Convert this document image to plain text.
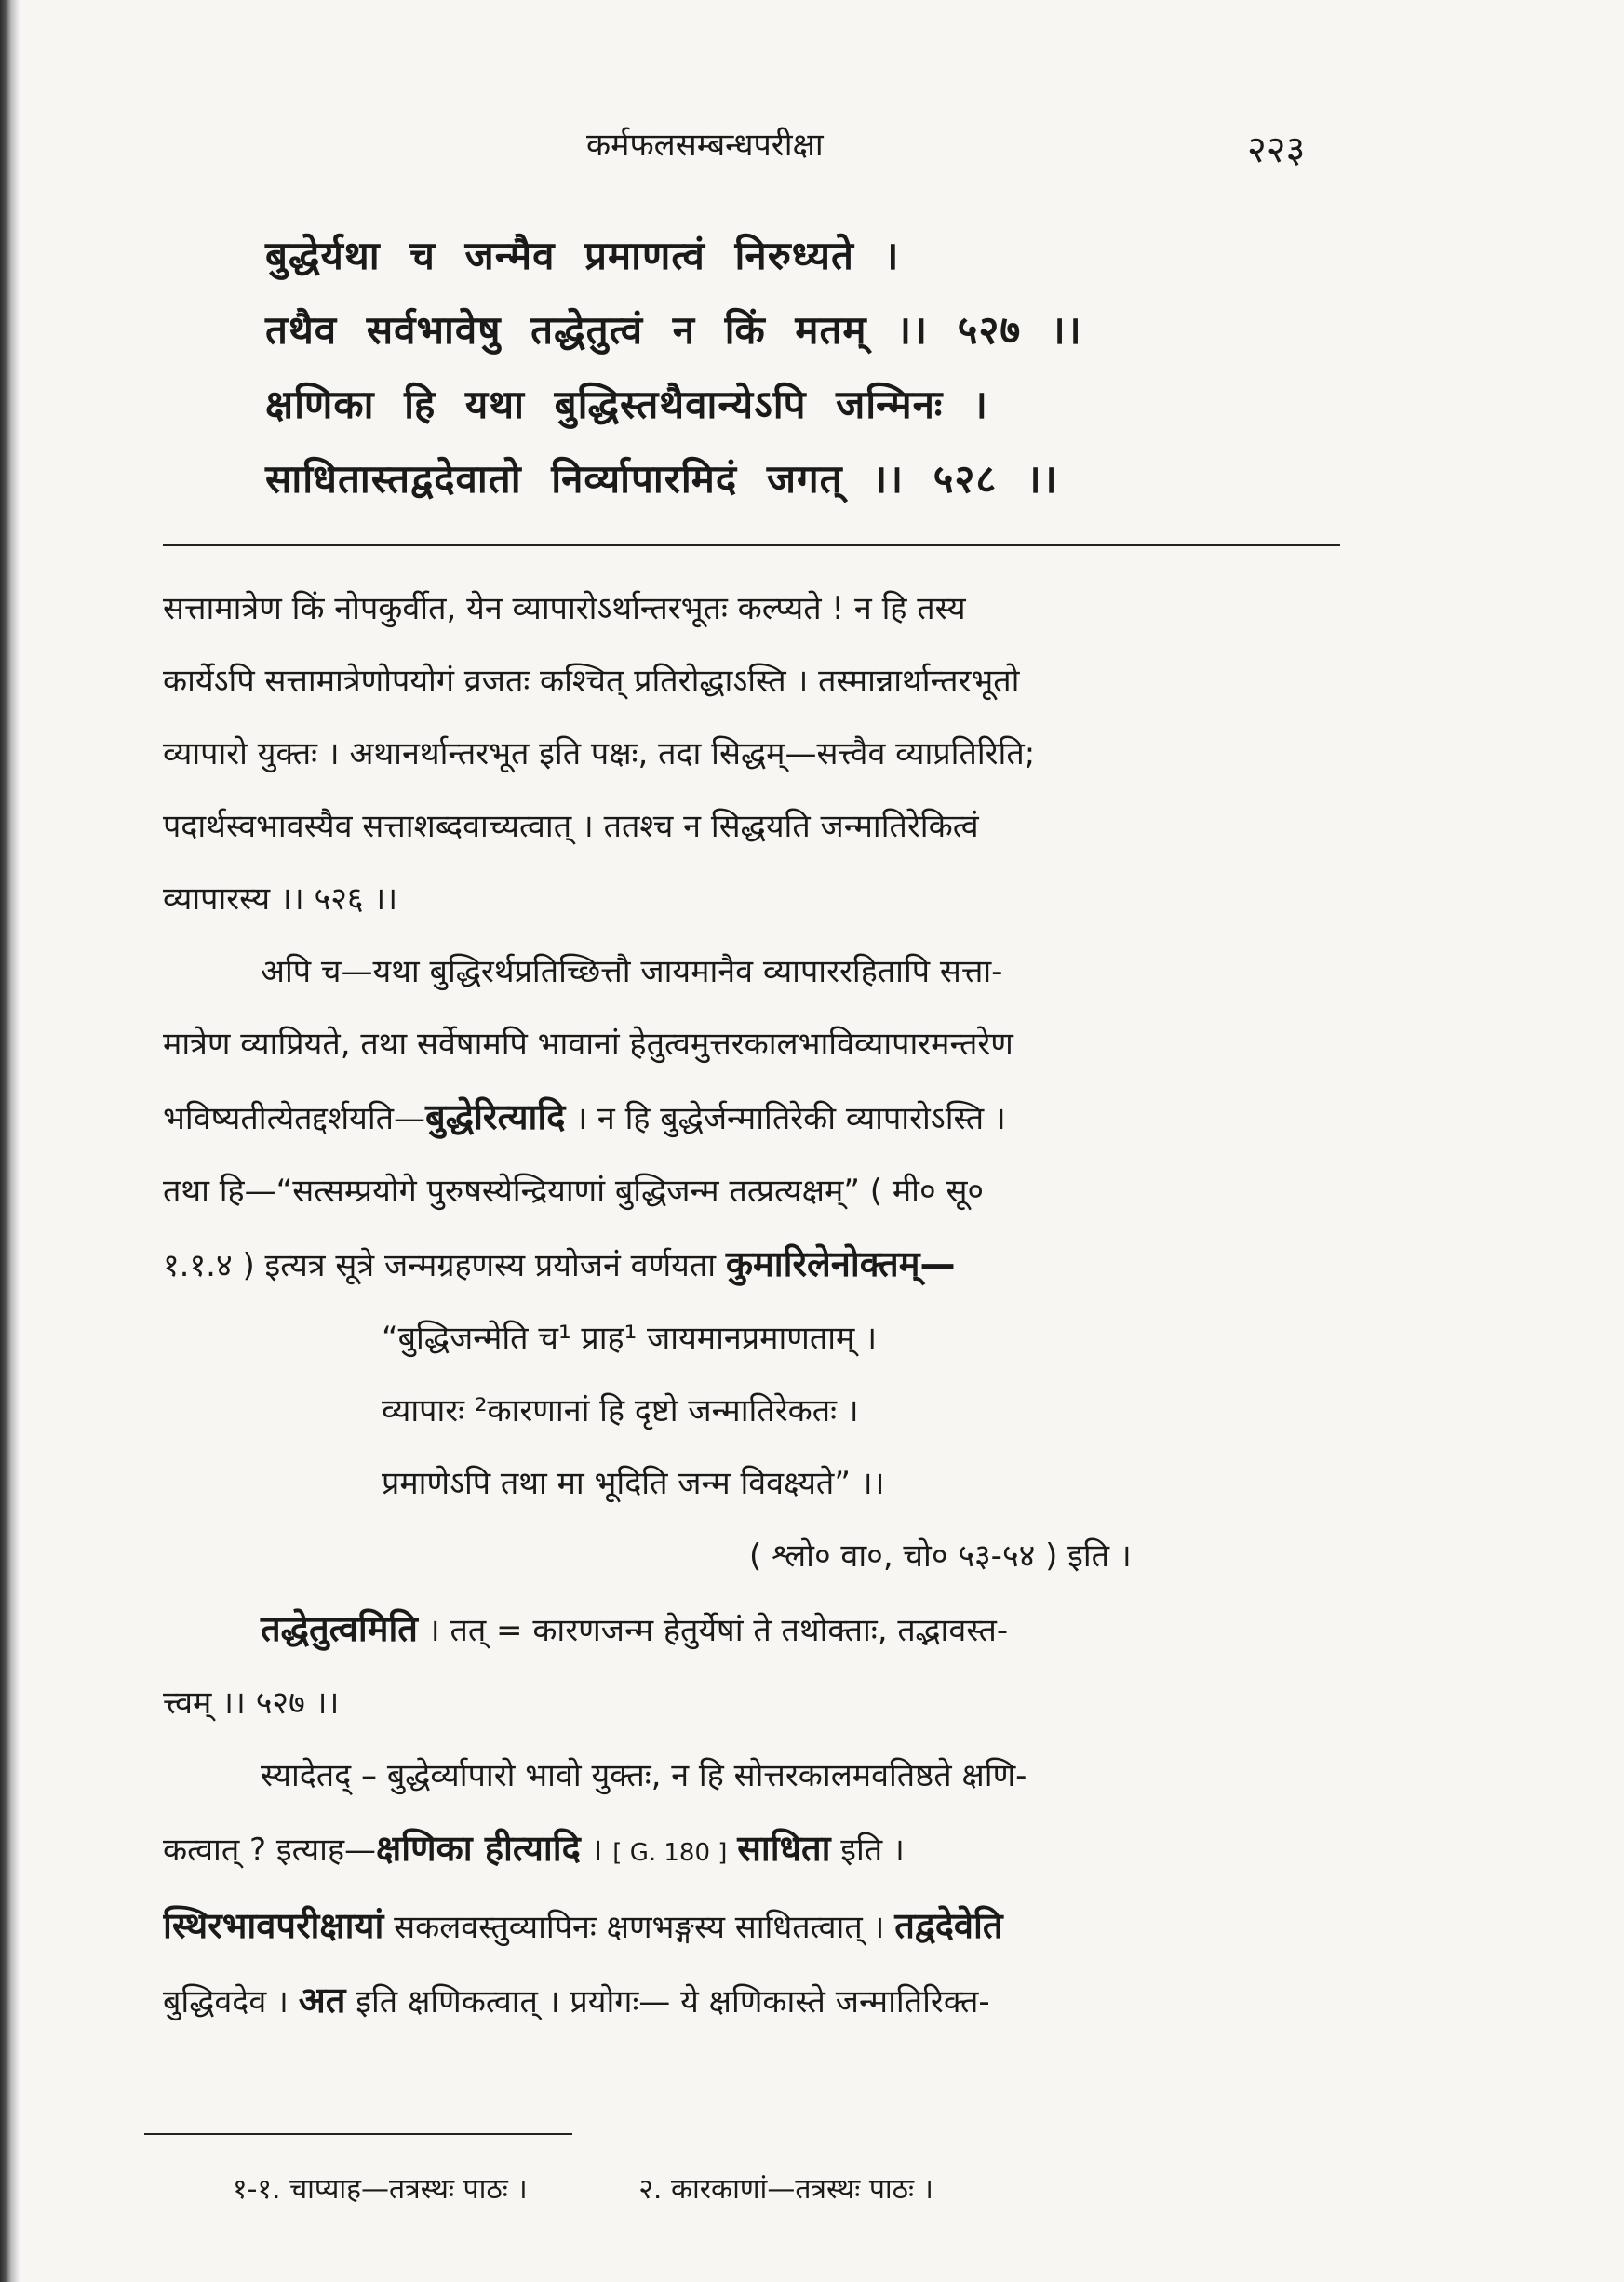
कर्मफलसम्बन्धपरीक्षा	२२३
बुद्धेर्यथा च जन्मैव प्रमाणत्वं निरुध्यते ।
तथैव सर्वभावेषु तद्धेतुत्वं न किं मतम् ।। ५२७ ।।
क्षणिका हि यथा बुद्धिस्तथैवान्येऽपि जन्मिनः ।
साधितास्तद्वदेवातो निर्व्यापारमिदं जगत् ।। ५२८ ।।
सत्तामात्रेण किं नोपकुर्वीत, येन व्यापारोऽर्थान्तरभूतः कल्प्यते ! न हि तस्य
कार्येऽपि सत्तामात्रेणोपयोगं व्रजतः कश्चित् प्रतिरोद्धाऽस्ति । तस्मान्नार्थान्तरभूतो
व्यापारो युक्तः । अथानर्थान्तरभूत इति पक्षः, तदा सिद्धम्—सत्त्वैव व्याप्रतिरिति;
पदार्थस्वभावस्यैव सत्ताशब्दवाच्यत्वात् । ततश्च न सिद्धयति जन्मातिरेकित्वं
व्यापारस्य ।। ५२६ ।।
अपि च—यथा बुद्धिरर्थप्रतिच्छित्तौ जायमानैव व्यापाररहितापि सत्ता-
मात्रेण व्याप्रियते, तथा सर्वेषामपि भावानां हेतुत्वमुत्तरकालभाविव्यापारमन्तरेण
भविष्यतीत्येतद्दर्शयति—बुद्धेरित्यादि । न हि बुद्धेर्जन्मातिरेकी व्यापारोऽस्ति ।
तथा हि—“सत्सम्प्रयोगे पुरुषस्येन्द्रियाणां बुद्धिजन्म तत्प्रत्यक्षम्” ( मी० सू०
१.१.४ ) इत्यत्र सूत्रे जन्मग्रहणस्य प्रयोजनं वर्णयता कुमारिलेनोक्तम्—
“बुद्धिजन्मेति च¹ प्राह¹ जायमानप्रमाणताम् ।
व्यापारः ²कारणानां हि दृष्टो जन्मातिरेकतः ।
प्रमाणेऽपि तथा मा भूदिति जन्म विवक्ष्यते” ।।
( श्लो० वा०, चो० ५३-५४ ) इति ।
तद्धेतुत्वमिति । तत् = कारणजन्म हेतुर्येषां ते तथोक्ताः, तद्भावस्त-
त्त्वम् ।। ५२७ ।।
स्यादेतद् – बुद्धेर्व्यापारो भावो युक्तः, न हि सोत्तरकालमवतिष्ठते क्षणि-
कत्वात् ? इत्याह—क्षणिका हीत्यादि । [ G. 180 ] साधिता इति ।
स्थिरभावपरीक्षायां सकलवस्तुव्यापिनः क्षणभङ्गस्य साधितत्वात् । तद्वदेवेति
बुद्धिवदेव । अत इति क्षणिकत्वात् । प्रयोगः— ये क्षणिकास्ते जन्मातिरिक्त-
१-१. चाप्याह—तत्रस्थः पाठः ।	२. कारकाणां—तत्रस्थः पाठः ।
